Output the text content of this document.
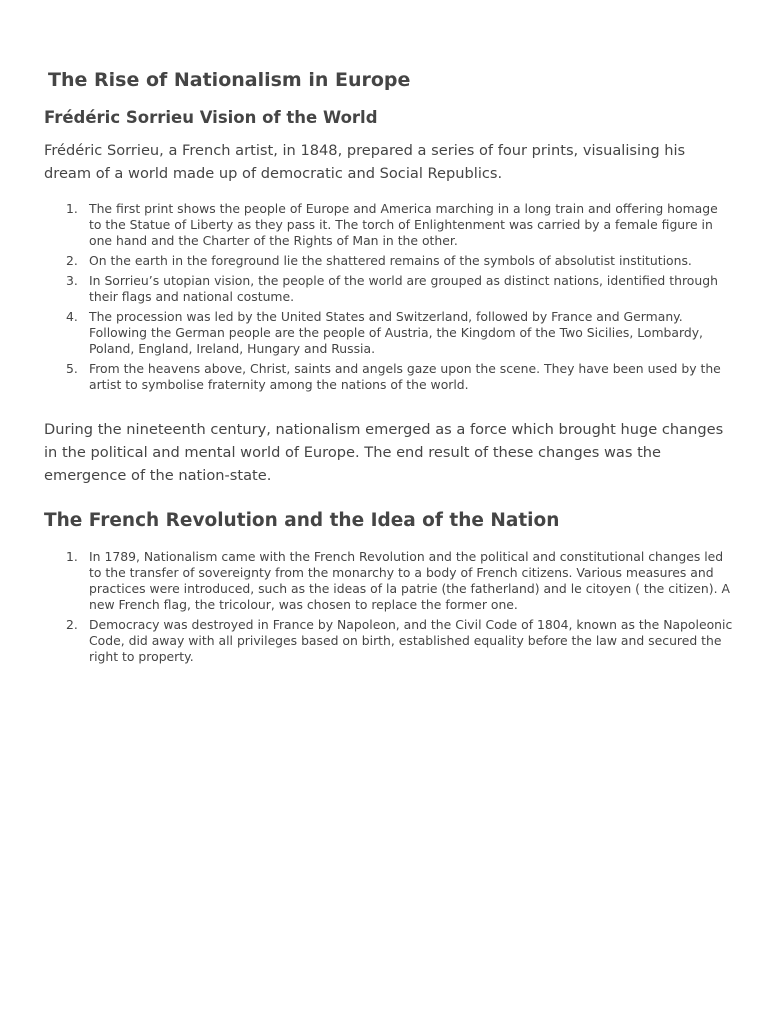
The Rise of Nationalism in Europe
Frédéric Sorrieu Vision of the World

Frédéric Sorrieu, a French artist, in 1848, prepared a series of four prints, visualising his dream of a world made up of democratic and Social Republics.

1. The first print shows the people of Europe and America marching in a long train and offering homage to the Statue of Liberty as they pass it. The torch of Enlightenment was carried by a female figure in one hand and the Charter of the Rights of Man in the other.
2. On the earth in the foreground lie the shattered remains of the symbols of absolutist institutions.
3. In Sorrieu’s utopian vision, the people of the world are grouped as distinct nations, identified through their flags and national costume.
4. The procession was led by the United States and Switzerland, followed by France and Germany. Following the German people are the people of Austria, the Kingdom of the Two Sicilies, Lombardy, Poland, England, Ireland, Hungary and Russia.
5. From the heavens above, Christ, saints and angels gaze upon the scene. They have been used by the artist to symbolise fraternity among the nations of the world.

During the nineteenth century, nationalism emerged as a force which brought huge changes in the political and mental world of Europe. The end result of these changes was the emergence of the nation-state.

The French Revolution and the Idea of the Nation
1. In 1789, Nationalism came with the French Revolution and the political and constitutional changes led to the transfer of sovereignty from the monarchy to a body of French citizens. Various measures and practices were introduced, such as the ideas of la patrie (the fatherland) and le citoyen ( the citizen). A new French flag, the tricolour, was chosen to replace the former one.
2. Democracy was destroyed in France by Napoleon, and the Civil Code of 1804, known as the Napoleonic Code, did away with all privileges based on birth, established equality before the law and secured the right to property.
